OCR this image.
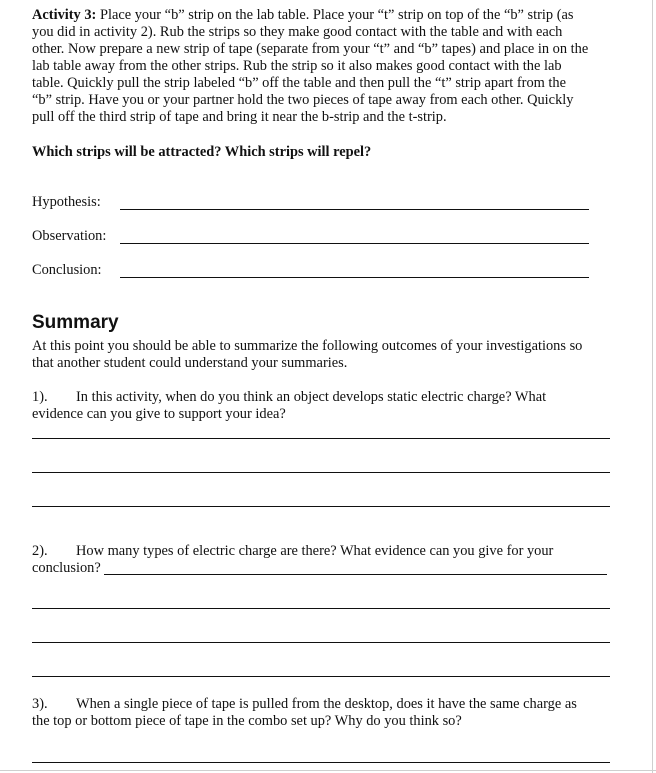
Activity 3: Place your “b” strip on the lab table. Place your “t” strip on top of the “b” strip (as

you did in activity 2). Rub the strips so they make good contact with the table and with each

other. Now prepare a new strip of tape (separate from your “t” and “b” tapes) and place in on the

lab table away from the other strips. Rub the strip so it also makes good contact with the lab

table. Quickly pull the strip labeled “b” off the table and then pull the “t” strip apart from the

“b” strip. Have you or your partner hold the two pieces of tape away from each other. Quickly

pull off the third strip of tape and bring it near the b-strip and the t-strip.

Which strips will be attracted? Which strips will repel?
Hypothesis:
Observation:
Conclusion:
Summary

At this point you should be able to summarize the following outcomes of your investigations so

that another student could understand your summaries.

1). In this activity, when do you think an object develops static electric charge? What

evidence can you give to support your idea?

2). How many types of electric charge are there? What evidence can you give for your

conclusion?

3). When a single piece of tape is pulled from the desktop, does it have the same charge as

the top or bottom piece of tape in the combo set up? Why do you think so?
